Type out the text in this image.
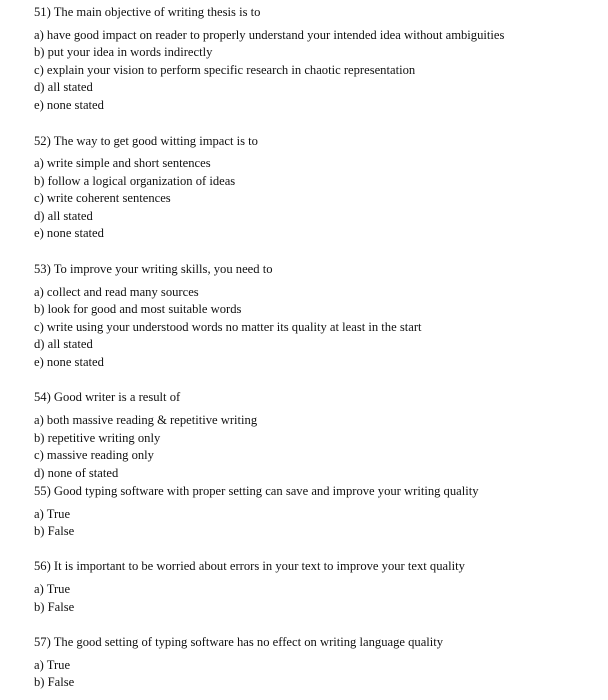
51) The main objective of writing thesis is to
a) have good impact on reader to properly understand your intended idea without ambiguities
b) put your idea in words indirectly
c) explain your vision to perform specific research in chaotic representation
d) all stated
e) none stated
52) The way to get good witting impact is to
a) write simple and short sentences
b) follow a logical organization of ideas
c) write coherent sentences
d) all stated
e) none stated
53) To improve your writing skills, you need to
a) collect and read many sources
b) look for good and most suitable words
c) write using your understood words no matter its quality at least in the start
d) all stated
e) none stated
54) Good writer is a result of
a) both massive reading & repetitive writing
b) repetitive writing only
c) massive reading only
d) none of stated
55) Good typing software with proper setting can save and improve your writing quality
a) True
b) False
56) It is important to be worried about errors in your text to improve your text quality
a) True
b) False
57) The good setting of typing software has no effect on writing language quality
a) True
b) False
